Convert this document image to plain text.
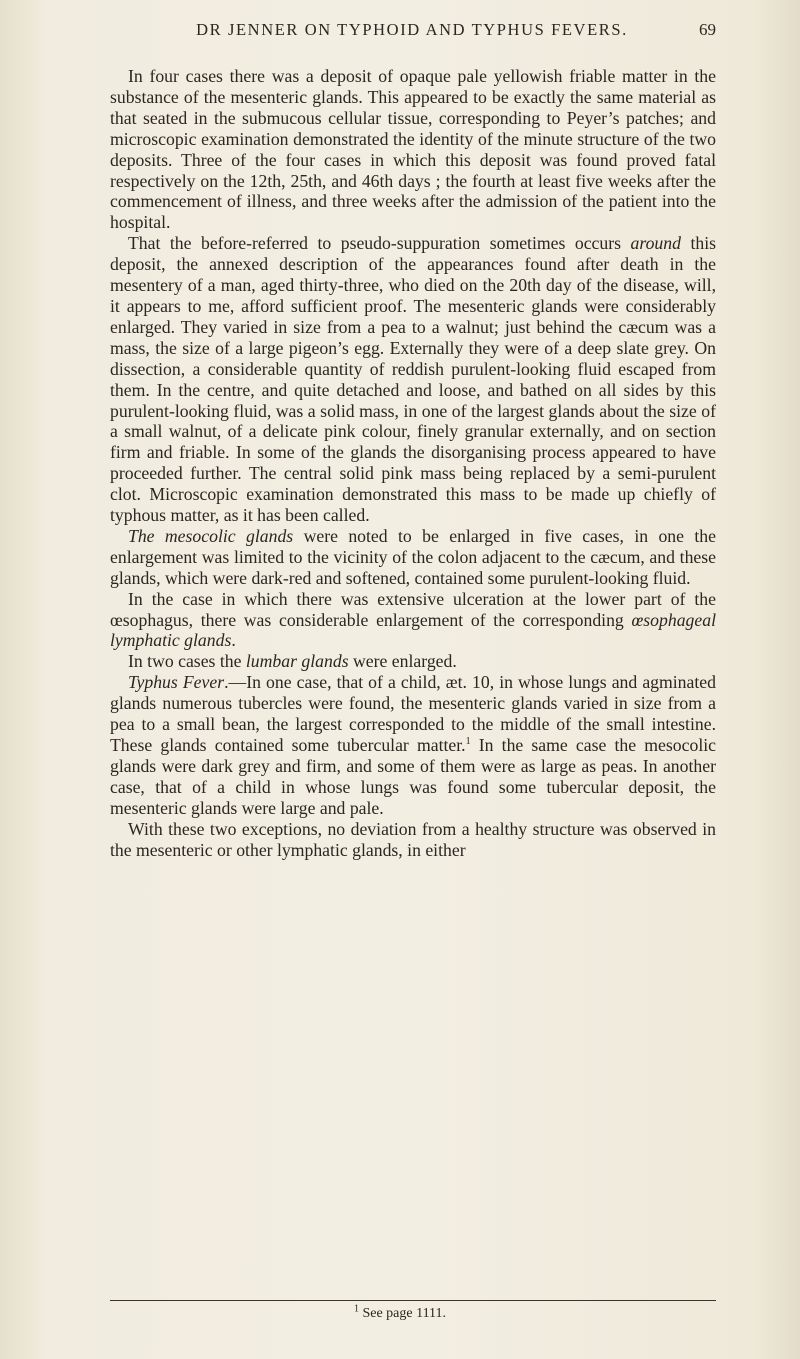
DR JENNER ON TYPHOID AND TYPHUS FEVERS.	69

In four cases there was a deposit of opaque pale yellowish friable matter in the substance of the mesenteric glands. This appeared to be exactly the same material as that seated in the submucous cellular tissue, corresponding to Peyer’s patches; and microscopic examination demonstrated the identity of the minute structure of the two deposits. Three of the four cases in which this deposit was found proved fatal respectively on the 12th, 25th, and 46th days ; the fourth at least five weeks after the commencement of illness, and three weeks after the admission of the patient into the hospital.

That the before-referred to pseudo-suppuration sometimes occurs around this deposit, the annexed description of the appearances found after death in the mesentery of a man, aged thirty-three, who died on the 20th day of the disease, will, it appears to me, afford sufficient proof. The mesenteric glands were considerably enlarged. They varied in size from a pea to a walnut; just behind the cæcum was a mass, the size of a large pigeon’s egg. Externally they were of a deep slate grey. On dissection, a considerable quantity of reddish purulent-looking fluid escaped from them. In the centre, and quite detached and loose, and bathed on all sides by this purulent-looking fluid, was a solid mass, in one of the largest glands about the size of a small walnut, of a delicate pink colour, finely granular externally, and on section firm and friable. In some of the glands the disorganising process appeared to have proceeded further. The central solid pink mass being replaced by a semi-purulent clot. Microscopic examination demonstrated this mass to be made up chiefly of typhous matter, as it has been called.

The mesocolic glands were noted to be enlarged in five cases, in one the enlargement was limited to the vicinity of the colon adjacent to the cæcum, and these glands, which were dark-red and softened, contained some purulent-looking fluid.

In the case in which there was extensive ulceration at the lower part of the œsophagus, there was considerable enlargement of the corresponding œsophageal lymphatic glands.

In two cases the lumbar glands were enlarged.

Typhus Fever.—In one case, that of a child, æt. 10, in whose lungs and agminated glands numerous tubercles were found, the mesenteric glands varied in size from a pea to a small bean, the largest corresponded to the middle of the small intestine. These glands contained some tubercular matter.$^1$ In the same case the mesocolic glands were dark grey and firm, and some of them were as large as peas. In another case, that of a child in whose lungs was found some tubercular deposit, the mesenteric glands were large and pale.

With these two exceptions, no deviation from a healthy structure was observed in the mesenteric or other lymphatic glands, in either

$^1$ See page 1111.
